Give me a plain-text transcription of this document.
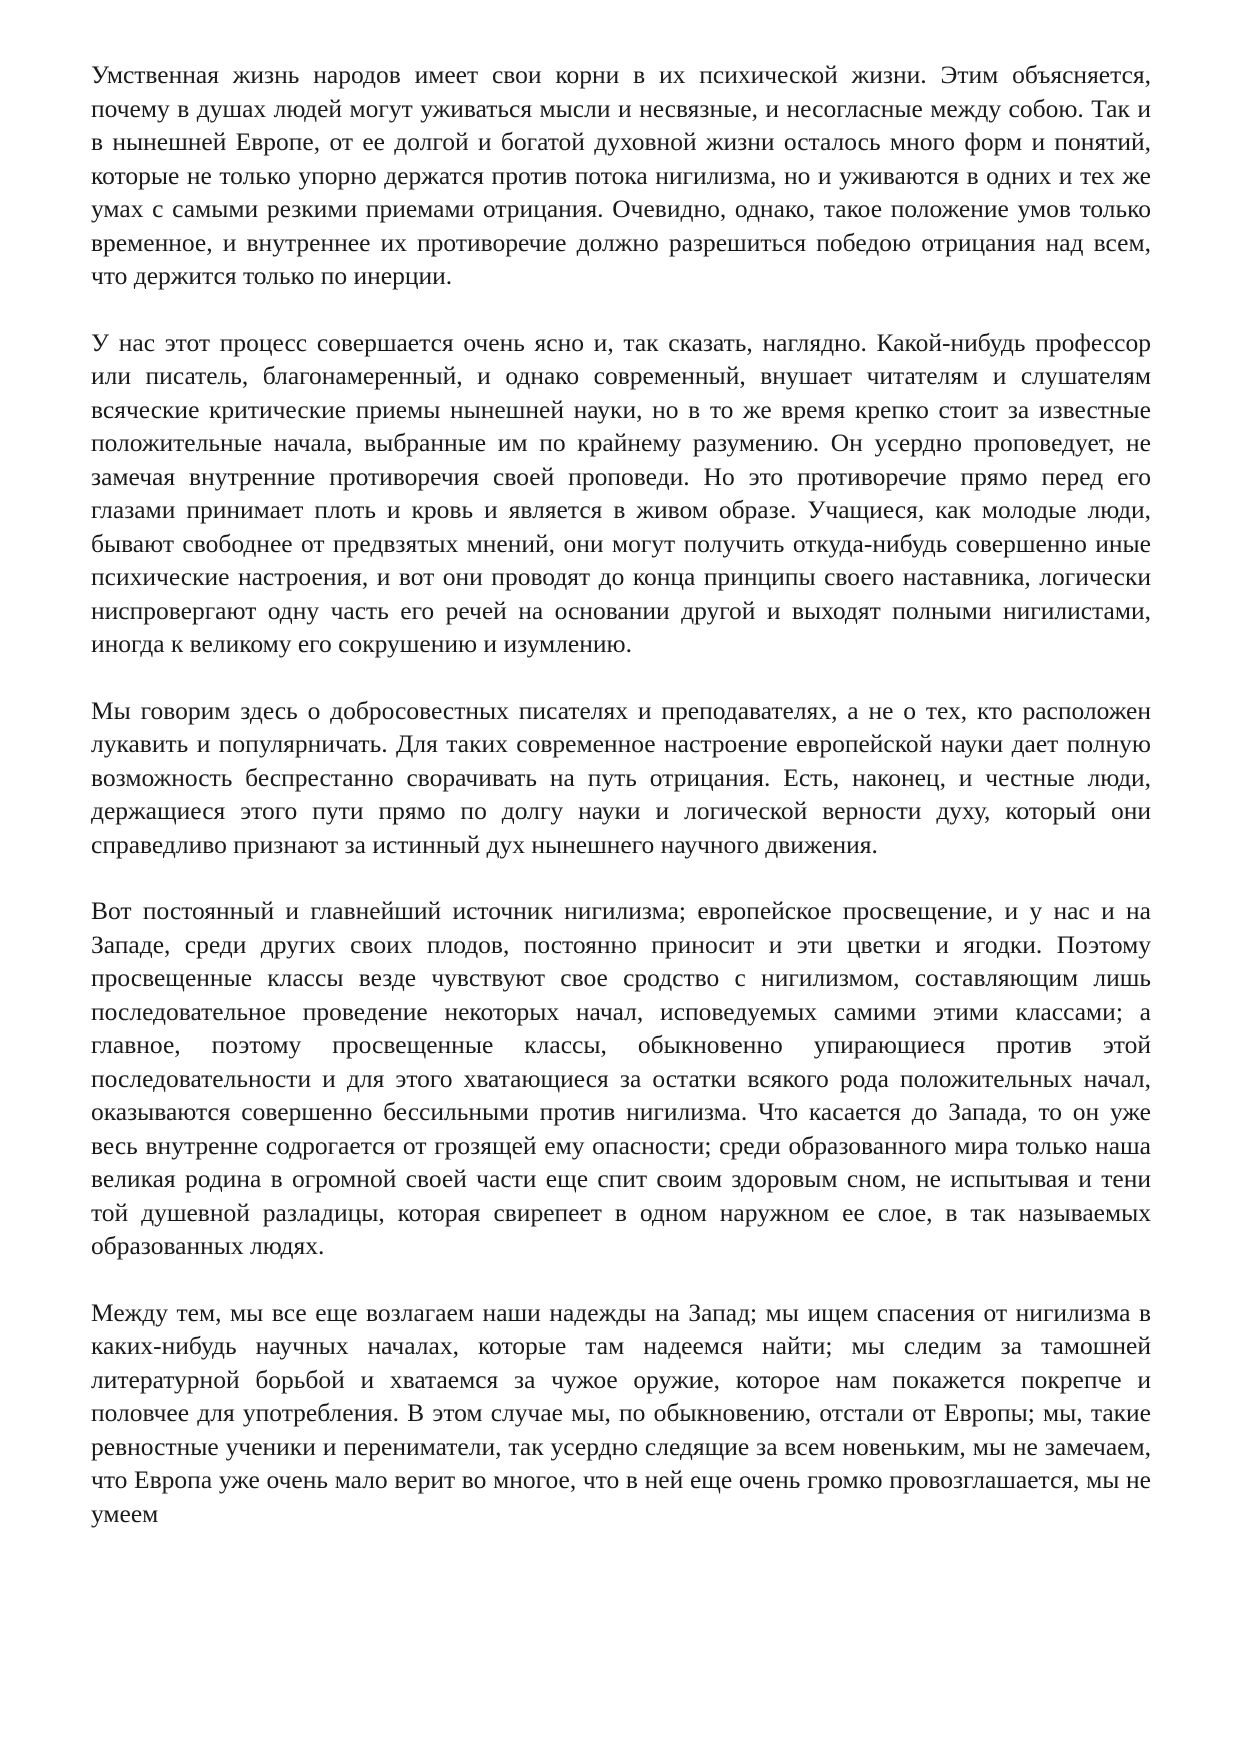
Умственная жизнь народов имеет свои корни в их психической жизни. Этим объясняется, почему в душах людей могут уживаться мысли и несвязные, и несогласные между собою. Так и в нынешней Европе, от ее долгой и богатой духовной жизни осталось много форм и понятий, которые не только упорно держатся против потока нигилизма, но и уживаются в одних и тех же умах с самыми резкими приемами отрицания. Очевидно, однако, такое положение умов только временное, и внутреннее их противоречие должно разрешиться победою отрицания над всем, что держится только по инерции.

У нас этот процесс совершается очень ясно и, так сказать, наглядно. Какой-нибудь профессор или писатель, благонамеренный, и однако современный, внушает читателям и слушателям всяческие критические приемы нынешней науки, но в то же время крепко стоит за известные положительные начала, выбранные им по крайнему разумению. Он усердно проповедует, не замечая внутренние противоречия своей проповеди. Но это противоречие прямо перед его глазами принимает плоть и кровь и является в живом образе. Учащиеся, как молодые люди, бывают свободнее от предвзятых мнений, они могут получить откуда-нибудь совершенно иные психические настроения, и вот они проводят до конца принципы своего наставника, логически ниспровергают одну часть его речей на основании другой и выходят полными нигилистами, иногда к великому его сокрушению и изумлению.

Мы говорим здесь о добросовестных писателях и преподавателях, а не о тех, кто расположен лукавить и популярничать. Для таких современное настроение европейской науки дает полную возможность беспрестанно сворачивать на путь отрицания. Есть, наконец, и честные люди, держащиеся этого пути прямо по долгу науки и логической верности духу, который они справедливо признают за истинный дух нынешнего научного движения.

Вот постоянный и главнейший источник нигилизма; европейское просвещение, и у нас и на Западе, среди других своих плодов, постоянно приносит и эти цветки и ягодки. Поэтому просвещенные классы везде чувствуют свое сродство с нигилизмом, составляющим лишь последовательное проведение некоторых начал, исповедуемых самими этими классами; а главное, поэтому просвещенные классы, обыкновенно упирающиеся против этой последовательности и для этого хватающиеся за остатки всякого рода положительных начал, оказываются совершенно бессильными против нигилизма. Что касается до Запада, то он уже весь внутренне содрогается от грозящей ему опасности; среди образованного мира только наша великая родина в огромной своей части еще спит своим здоровым сном, не испытывая и тени той душевной разладицы, которая свирепеет в одном наружном ее слое, в так называемых образованных людях.

Между тем, мы все еще возлагаем наши надежды на Запад; мы ищем спасения от нигилизма в каких-нибудь научных началах, которые там надеемся найти; мы следим за тамошней литературной борьбой и хватаемся за чужое оружие, которое нам покажется покрепче и половчее для употребления. В этом случае мы, по обыкновению, отстали от Европы; мы, такие ревностные ученики и перениматели, так усердно следящие за всем новеньким, мы не замечаем, что Европа уже очень мало верит во многое, что в ней еще очень громко провозглашается, мы не умеем
